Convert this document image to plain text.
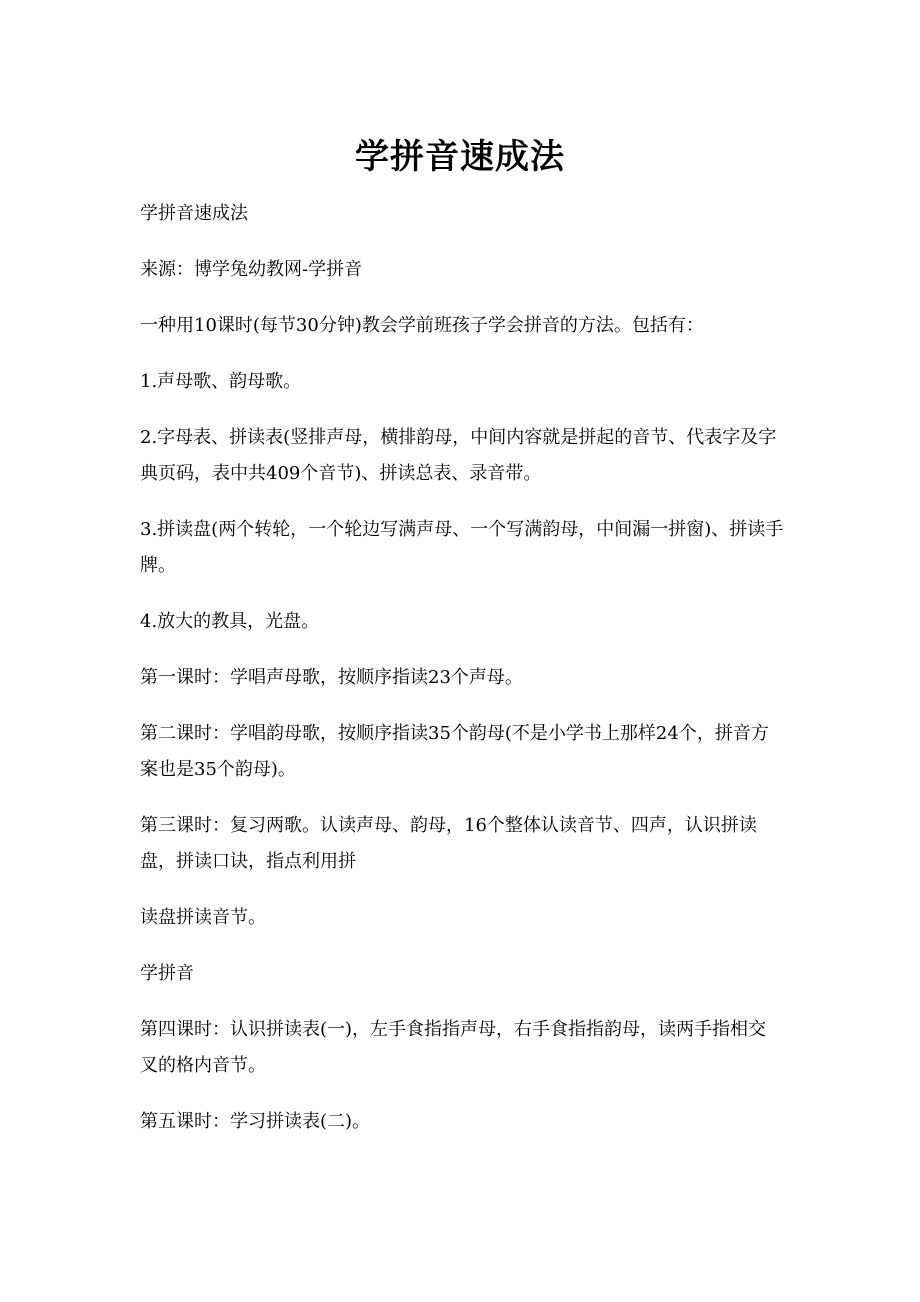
学拼音速成法

学拼音速成法

来源：博学兔幼教网-学拼音

一种用10课时(每节30分钟)教会学前班孩子学会拼音的方法。包括有：

1.声母歌、韵母歌。

2.字母表、拼读表(竖排声母，横排韵母，中间内容就是拼起的音节、代表字及字典页码，表中共409个音节)、拼读总表、录音带。

3.拼读盘(两个转轮，一个轮边写满声母、一个写满韵母，中间漏一拼窗)、拼读手牌。

4.放大的教具，光盘。

第一课时：学唱声母歌，按顺序指读23个声母。

第二课时：学唱韵母歌，按顺序指读35个韵母(不是小学书上那样24个，拼音方案也是35个韵母)。

第三课时：复习两歌。认读声母、韵母，16个整体认读音节、四声，认识拼读盘，拼读口诀，指点利用拼

读盘拼读音节。

学拼音

第四课时：认识拼读表(一)，左手食指指声母，右手食指指韵母，读两手指相交叉的格内音节。

第五课时：学习拼读表(二)。
